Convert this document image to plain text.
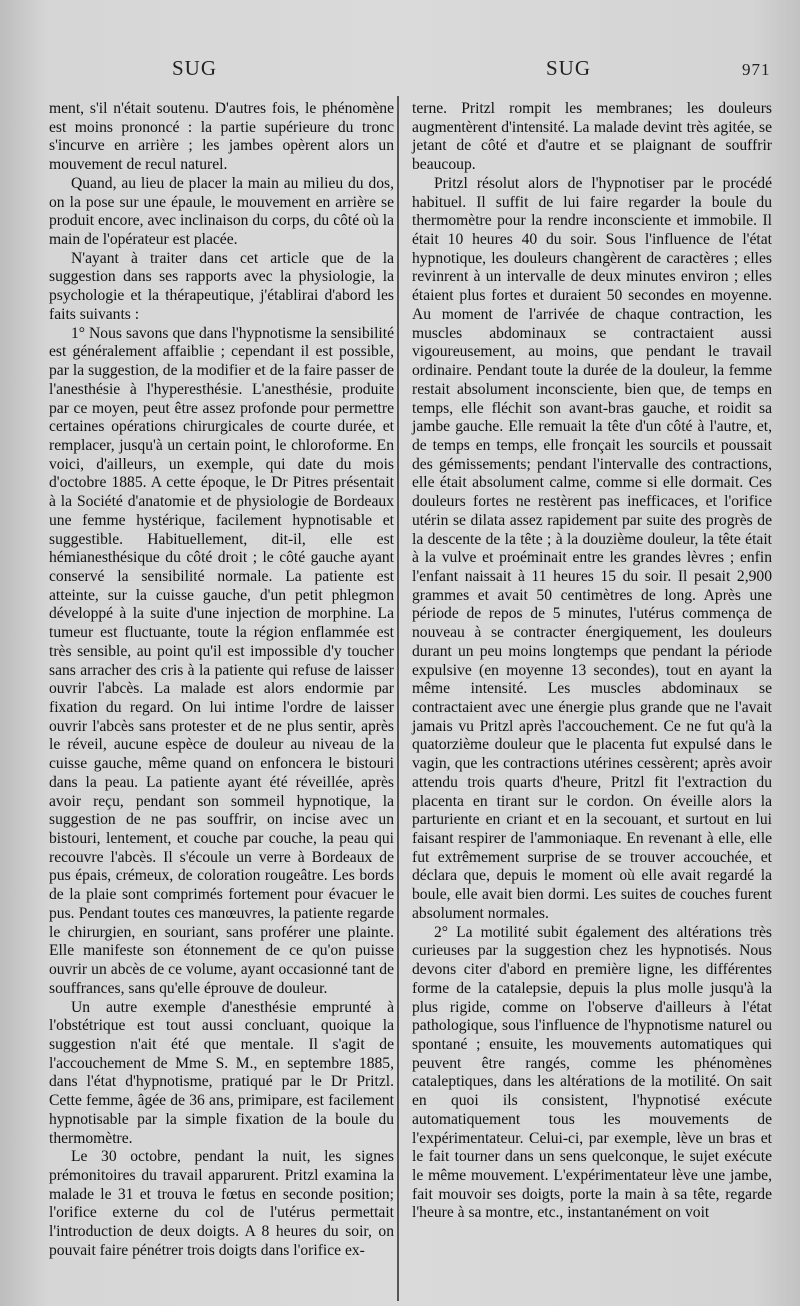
SUG	SUG	971

ment, s'il n'était soutenu. D'autres fois, le phénomène est moins prononcé : la partie supérieure du tronc s'incurve en arrière ; les jambes opèrent alors un mouvement de recul naturel.

Quand, au lieu de placer la main au milieu du dos, on la pose sur une épaule, le mouvement en arrière se produit encore, avec inclinaison du corps, du côté où la main de l'opérateur est placée.

N'ayant à traiter dans cet article que de la suggestion dans ses rapports avec la physiologie, la psychologie et la thérapeutique, j'établirai d'abord les faits suivants :

1° Nous savons que dans l'hypnotisme la sensibilité est généralement affaiblie ; cependant il est possible, par la suggestion, de la modifier et de la faire passer de l'anesthésie à l'hyperesthésie. L'anesthésie, produite par ce moyen, peut être assez profonde pour permettre certaines opérations chirurgicales de courte durée, et remplacer, jusqu'à un certain point, le chloroforme. En voici, d'ailleurs, un exemple, qui date du mois d'octobre 1885. A cette époque, le Dr Pitres présentait à la Société d'anatomie et de physiologie de Bordeaux une femme hystérique, facilement hypnotisable et suggestible. Habituellement, dit-il, elle est hémianesthésique du côté droit ; le côté gauche ayant conservé la sensibilité normale. La patiente est atteinte, sur la cuisse gauche, d'un petit phlegmon développé à la suite d'une injection de morphine. La tumeur est fluctuante, toute la région enflammée est très sensible, au point qu'il est impossible d'y toucher sans arracher des cris à la patiente qui refuse de laisser ouvrir l'abcès. La malade est alors endormie par fixation du regard. On lui intime l'ordre de laisser ouvrir l'abcès sans protester et de ne plus sentir, après le réveil, aucune espèce de douleur au niveau de la cuisse gauche, même quand on enfoncera le bistouri dans la peau. La patiente ayant été réveillée, après avoir reçu, pendant son sommeil hypnotique, la suggestion de ne pas souffrir, on incise avec un bistouri, lentement, et couche par couche, la peau qui recouvre l'abcès. Il s'écoule un verre à Bordeaux de pus épais, crémeux, de coloration rougeâtre. Les bords de la plaie sont comprimés fortement pour évacuer le pus. Pendant toutes ces manœuvres, la patiente regarde le chirurgien, en souriant, sans proférer une plainte. Elle manifeste son étonnement de ce qu'on puisse ouvrir un abcès de ce volume, ayant occasionné tant de souffrances, sans qu'elle éprouve de douleur.

Un autre exemple d'anesthésie emprunté à l'obstétrique est tout aussi concluant, quoique la suggestion n'ait été que mentale. Il s'agit de l'accouchement de Mme S. M., en septembre 1885, dans l'état d'hypnotisme, pratiqué par le Dr Pritzl. Cette femme, âgée de 36 ans, primipare, est facilement hypnotisable par la simple fixation de la boule du thermomètre.

Le 30 octobre, pendant la nuit, les signes prémonitoires du travail apparurent. Pritzl examina la malade le 31 et trouva le fœtus en seconde position; l'orifice externe du col de l'utérus permettait l'introduction de deux doigts. A 8 heures du soir, on pouvait faire pénétrer trois doigts dans l'orifice ex-

terne. Pritzl rompit les membranes; les douleurs augmentèrent d'intensité. La malade devint très agitée, se jetant de côté et d'autre et se plaignant de souffrir beaucoup.

Pritzl résolut alors de l'hypnotiser par le procédé habituel. Il suffit de lui faire regarder la boule du thermomètre pour la rendre inconsciente et immobile. Il était 10 heures 40 du soir. Sous l'influence de l'état hypnotique, les douleurs changèrent de caractères ; elles revinrent à un intervalle de deux minutes environ ; elles étaient plus fortes et duraient 50 secondes en moyenne. Au moment de l'arrivée de chaque contraction, les muscles abdominaux se contractaient aussi vigoureusement, au moins, que pendant le travail ordinaire. Pendant toute la durée de la douleur, la femme restait absolument inconsciente, bien que, de temps en temps, elle fléchit son avant-bras gauche, et roidit sa jambe gauche. Elle remuait la tête d'un côté à l'autre, et, de temps en temps, elle fronçait les sourcils et poussait des gémissements; pendant l'intervalle des contractions, elle était absolument calme, comme si elle dormait. Ces douleurs fortes ne restèrent pas inefficaces, et l'orifice utérin se dilata assez rapidement par suite des progrès de la descente de la tête ; à la douzième douleur, la tête était à la vulve et proéminait entre les grandes lèvres ; enfin l'enfant naissait à 11 heures 15 du soir. Il pesait 2,900 grammes et avait 50 centimètres de long. Après une période de repos de 5 minutes, l'utérus commença de nouveau à se contracter énergiquement, les douleurs durant un peu moins longtemps que pendant la période expulsive (en moyenne 13 secondes), tout en ayant la même intensité. Les muscles abdominaux se contractaient avec une énergie plus grande que ne l'avait jamais vu Pritzl après l'accouchement. Ce ne fut qu'à la quatorzième douleur que le placenta fut expulsé dans le vagin, que les contractions utérines cessèrent; après avoir attendu trois quarts d'heure, Pritzl fit l'extraction du placenta en tirant sur le cordon. On éveille alors la parturiente en criant et en la secouant, et surtout en lui faisant respirer de l'ammoniaque. En revenant à elle, elle fut extrêmement surprise de se trouver accouchée, et déclara que, depuis le moment où elle avait regardé la boule, elle avait bien dormi. Les suites de couches furent absolument normales.

2° La motilité subit également des altérations très curieuses par la suggestion chez les hypnotisés. Nous devons citer d'abord en première ligne, les différentes forme de la catalepsie, depuis la plus molle jusqu'à la plus rigide, comme on l'observe d'ailleurs à l'état pathologique, sous l'influence de l'hypnotisme naturel ou spontané ; ensuite, les mouvements automatiques qui peuvent être rangés, comme les phénomènes cataleptiques, dans les altérations de la motilité. On sait en quoi ils consistent, l'hypnotisé exécute automatiquement tous les mouvements de l'expérimentateur. Celui-ci, par exemple, lève un bras et le fait tourner dans un sens quelconque, le sujet exécute le même mouvement. L'expérimentateur lève une jambe, fait mouvoir ses doigts, porte la main à sa tête, regarde l'heure à sa montre, etc., instantanément on voit
